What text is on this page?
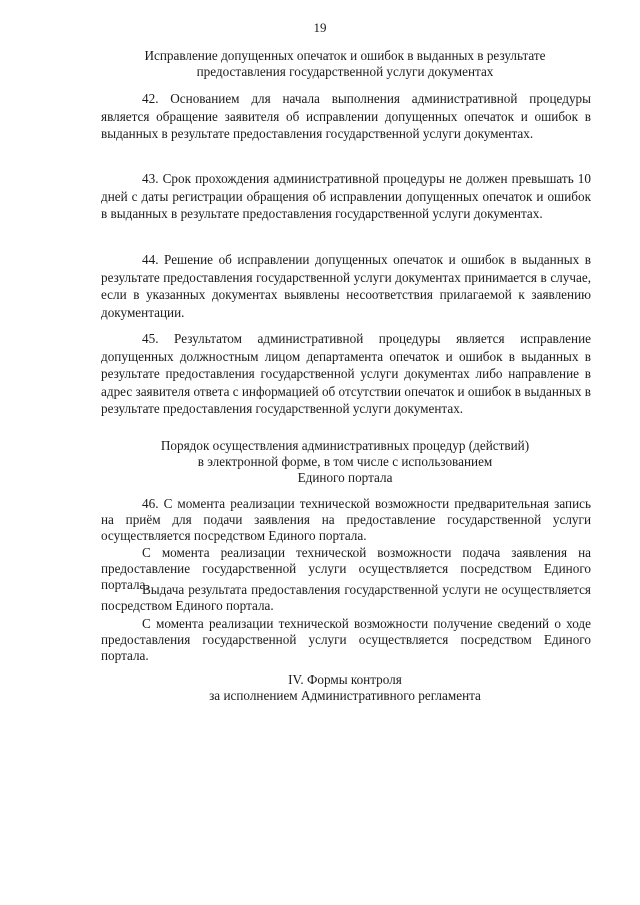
19
Исправление допущенных опечаток и ошибок в выданных в результате
предоставления государственной услуги документах

42. Основанием для начала выполнения административной процедуры является обращение заявителя об исправлении допущенных опечаток и ошибок в выданных в результате предоставления государственной услуги документах.

43. Срок прохождения административной процедуры не должен превышать 10 дней с даты регистрации обращения об исправлении допущенных опечаток и ошибок в выданных в результате предоставления государственной услуги документах.

44. Решение об исправлении допущенных опечаток и ошибок в выданных в результате предоставления государственной услуги документах принимается в случае, если в указанных документах выявлены несоответствия прилагаемой к заявлению документации.

45. Результатом административной процедуры является исправление допущенных должностным лицом департамента опечаток и ошибок в выданных в результате предоставления государственной услуги документах либо направление в адрес заявителя ответа с информацией об отсутствии опечаток и ошибок в выданных в результате предоставления государственной услуги документах.

Порядок осуществления административных процедур (действий)
в электронной форме, в том числе с использованием
Единого портала

46. С момента реализации технической возможности предварительная запись на приём для подачи заявления на предоставление государственной услуги осуществляется посредством Единого портала.

С момента реализации технической возможности подача заявления на предоставление государственной услуги осуществляется посредством Единого портала.

Выдача результата предоставления государственной услуги не осуществляется посредством Единого портала.

С момента реализации технической возможности получение сведений о ходе предоставления государственной услуги осуществляется посредством Единого портала.

IV. Формы контроля
за исполнением Административного регламента
